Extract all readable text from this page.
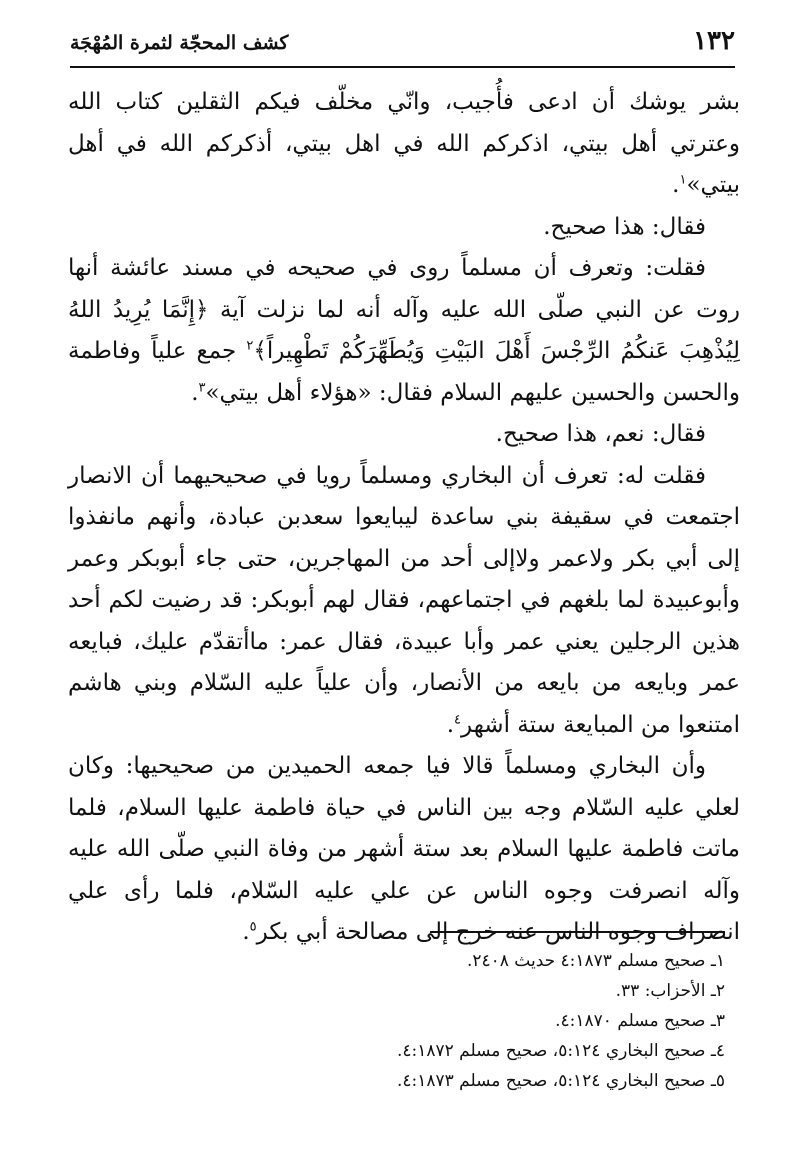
١٣٢
كشف المحجّة لثمرة المُهْجَة

بشر يوشك أن ادعى فأُجيب، وانّي مخلّف فيكم الثقلين كتاب الله وعترتي أهل بيتي، اذكركم الله في اهل بيتي، أذكركم الله في أهل بيتي»$^١$.

فقال: هذا صحيح.

فقلت: وتعرف أن مسلماً روى في صحيحه في مسند عائشة أنها روت عن النبي صلّى الله عليه وآله أنه لما نزلت آية ﴿إِنَّمَا يُرِيدُ اللهُ لِيُذْهِبَ عَنكُمُ الرِّجْسَ أَهْلَ البَيْتِ وَيُطَهِّرَكُمْ تَطْهِيراً﴾$^٢$ جمع علياً وفاطمة والحسن والحسين عليهم السلام فقال: «هؤلاء أهل بيتي»$^٣$.

فقال: نعم، هذا صحيح.

فقلت له: تعرف أن البخاري ومسلماً رويا في صحيحيهما أن الانصار اجتمعت في سقيفة بني ساعدة ليبايعوا سعدبن عبادة، وأنهم مانفذوا إلى أبي بكر ولاعمر ولاإلى أحد من المهاجرين، حتى جاء أبوبكر وعمر وأبوعبيدة لما بلغهم في اجتماعهم، فقال لهم أبوبكر: قد رضيت لكم أحد هذين الرجلين يعني عمر وأبا عبيدة، فقال عمر: ماأتقدّم عليك، فبايعه عمر وبايعه من بايعه من الأنصار، وأن علياً عليه السّلام وبني هاشم امتنعوا من المبايعة ستة أشهر$^٤$.

وأن البخاري ومسلماً قالا فيا جمعه الحميدين من صحيحيها: وكان لعلي عليه السّلام وجه بين الناس في حياة فاطمة عليها السلام، فلما ماتت فاطمة عليها السلام بعد ستة أشهر من وفاة النبي صلّى الله عليه وآله انصرفت وجوه الناس عن علي عليه السّلام، فلما رأى علي انصراف وجوه الناس عنه خرج إلى مصالحة أبي بكر$^٥$.

١ـ صحيح مسلم ٤:١٨٧٣ حديث ٢٤٠٨.

٢ـ الأحزاب: ٣٣.

٣ـ صحيح مسلم ٤:١٨٧٠.

٤ـ صحيح البخاري ٥:١٢٤، صحيح مسلم ٤:١٨٧٢.

٥ـ صحيح البخاري ٥:١٢٤، صحيح مسلم ٤:١٨٧٣.
